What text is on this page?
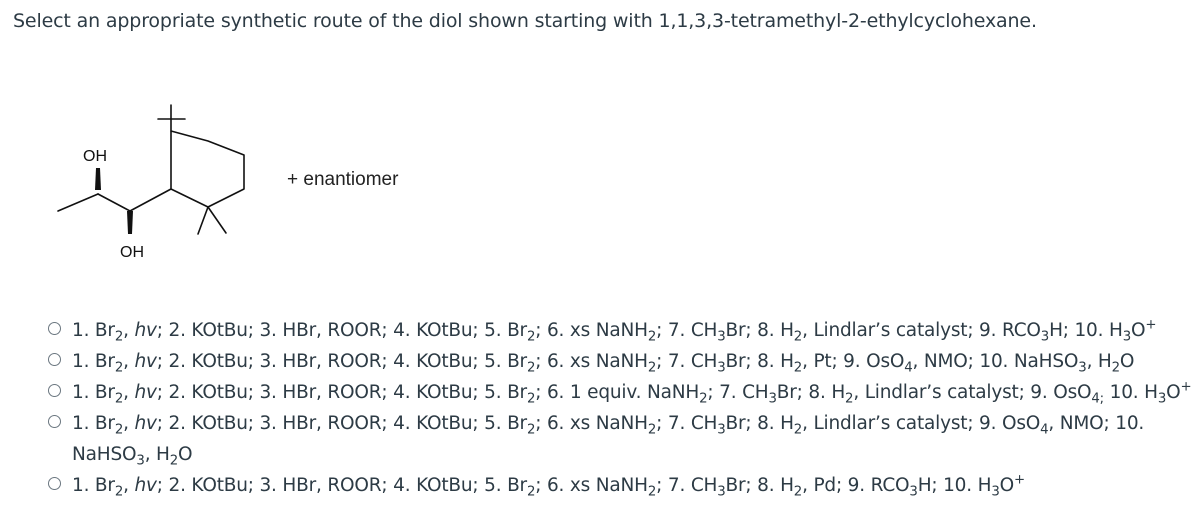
Select an appropriate synthetic route of the diol shown starting with 1,1,3,3-tetramethyl-2-ethylcyclohexane.
OH
OH
+ enantiomer
1. $Br_2$, hv; 2. KOtBu; 3. HBr, ROOR; 4. KOtBu; 5. $Br_2$; 6. xs NaNH$_2$; 7. $CH_3Br$; 8. $H_2$, Lindlar’s catalyst; 9. $RCO_3H$; 10. $H_3O^+$
1. $Br_2$, hv; 2. KOtBu; 3. HBr, ROOR; 4. KOtBu; 5. $Br_2$; 6. xs NaNH$_2$; 7. $CH_3Br$; 8. $H_2$, Pt; 9. OsO$_4$, NMO; 10. NaHSO$_3$, $H_2O$
1. $Br_2$, hv; 2. KOtBu; 3. HBr, ROOR; 4. KOtBu; 5. $Br_2$; 6. 1 equiv. NaNH$_2$; 7. $CH_3Br$; 8. $H_2$, Lindlar’s catalyst; 9. OsO$_{4;}$ 10. $H_3O^+$
1. $Br_2$, hv; 2. KOtBu; 3. HBr, ROOR; 4. KOtBu; 5. $Br_2$; 6. xs NaNH$_2$; 7. $CH_3Br$; 8. $H_2$, Lindlar’s catalyst; 9. OsO$_4$, NMO; 10. NaHSO$_3$, $H_2O$
1. $Br_2$, hv; 2. KOtBu; 3. HBr, ROOR; 4. KOtBu; 5. $Br_2$; 6. xs NaNH$_2$; 7. $CH_3Br$; 8. $H_2$, Pd; 9. $RCO_3H$; 10. $H_3O^+$
